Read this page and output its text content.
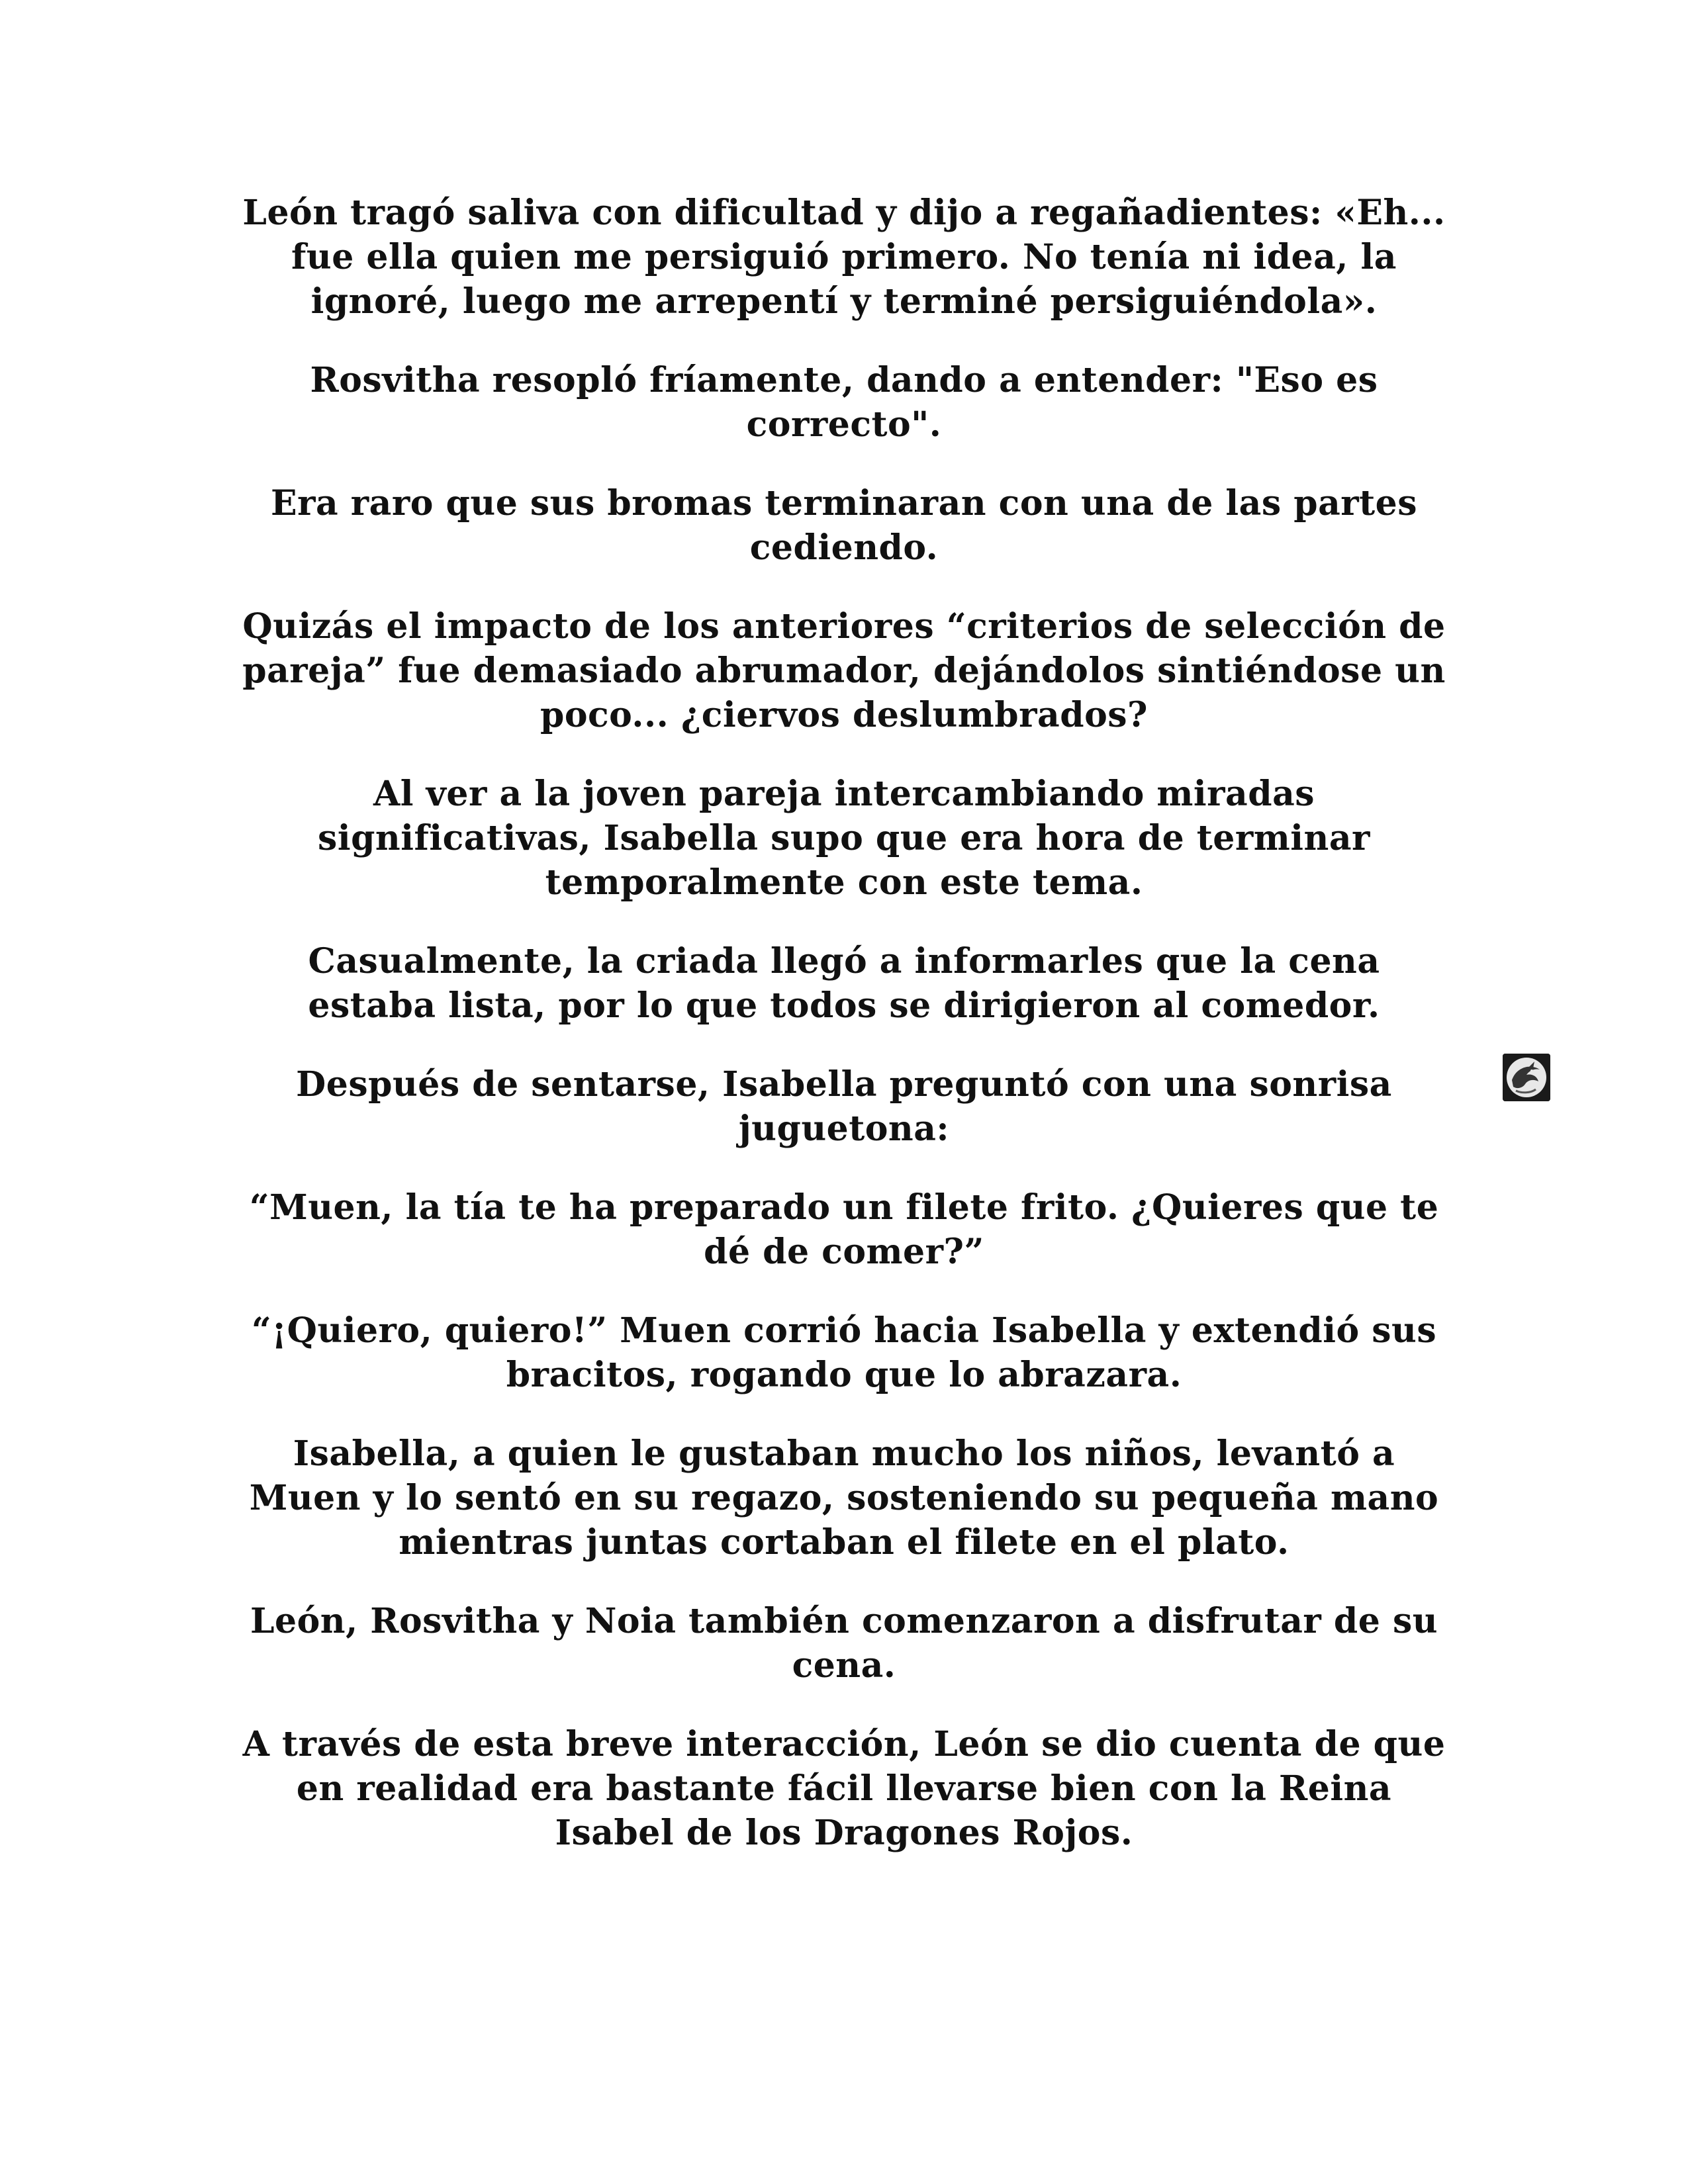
León tragó saliva con dificultad y dijo a regañadientes: «Eh... fue ella quien me persiguió primero. No tenía ni idea, la ignoré, luego me arrepentí y terminé persiguiéndola».

Rosvitha resopló fríamente, dando a entender: "Eso es correcto".

Era raro que sus bromas terminaran con una de las partes cediendo.

Quizás el impacto de los anteriores “criterios de selección de pareja” fue demasiado abrumador, dejándolos sintiéndose un poco... ¿ciervos deslumbrados?

Al ver a la joven pareja intercambiando miradas significativas, Isabella supo que era hora de terminar temporalmente con este tema.

Casualmente, la criada llegó a informarles que la cena estaba lista, por lo que todos se dirigieron al comedor.

Después de sentarse, Isabella preguntó con una sonrisa juguetona:

“Muen, la tía te ha preparado un filete frito. ¿Quieres que te dé de comer?”

“¡Quiero, quiero!” Muen corrió hacia Isabella y extendió sus bracitos, rogando que lo abrazara.

Isabella, a quien le gustaban mucho los niños, levantó a Muen y lo sentó en su regazo, sosteniendo su pequeña mano mientras juntas cortaban el filete en el plato.

León, Rosvitha y Noia también comenzaron a disfrutar de su cena.

A través de esta breve interacción, León se dio cuenta de que en realidad era bastante fácil llevarse bien con la Reina Isabel de los Dragones Rojos.
